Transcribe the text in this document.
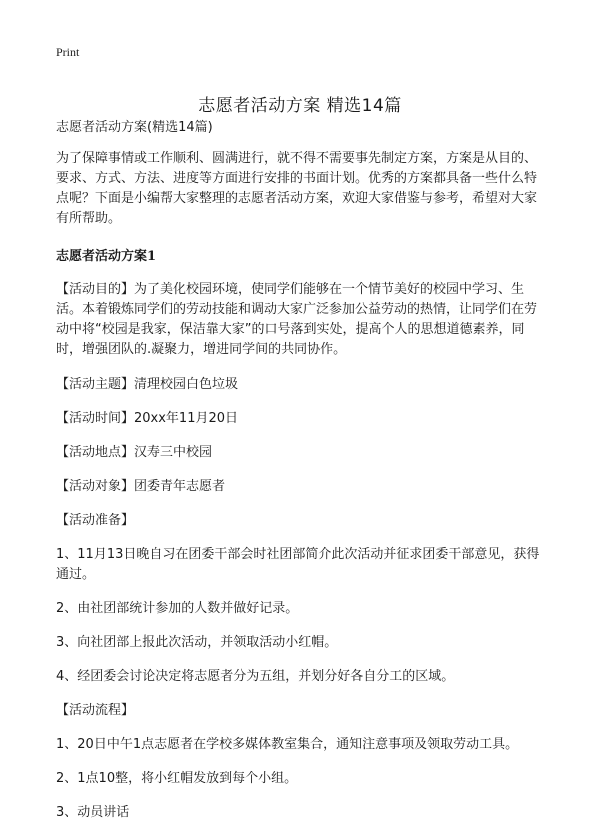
Print
志愿者活动方案 精选14篇

志愿者活动方案(精选14篇)

为了保障事情或工作顺利、圆满进行，就不得不需要事先制定方案，方案是从目的、要求、方式、方法、进度等方面进行安排的书面计划。优秀的方案都具备一些什么特点呢？下面是小编帮大家整理的志愿者活动方案，欢迎大家借鉴与参考，希望对大家有所帮助。

志愿者活动方案1

【活动目的】为了美化校园环境，使同学们能够在一个情节美好的校园中学习、生活。本着锻炼同学们的劳动技能和调动大家广泛参加公益劳动的热情，让同学们在劳动中将“校园是我家，保洁靠大家”的口号落到实处，提高个人的思想道德素养，同时，增强团队的.凝聚力，增进同学间的共同协作。

【活动主题】清理校园白色垃圾

【活动时间】20xx年11月20日

【活动地点】汉寿三中校园

【活动对象】团委青年志愿者

【活动准备】

1、11月13日晚自习在团委干部会时社团部简介此次活动并征求团委干部意见，获得通过。

2、由社团部统计参加的人数并做好记录。

3、向社团部上报此次活动，并领取活动小红帽。

4、经团委会讨论决定将志愿者分为五组，并划分好各自分工的区域。

【活动流程】

1、20日中午1点志愿者在学校多媒体教室集合，通知注意事项及领取劳动工具。

2、1点10整，将小红帽发放到每个小组。

3、动员讲话
